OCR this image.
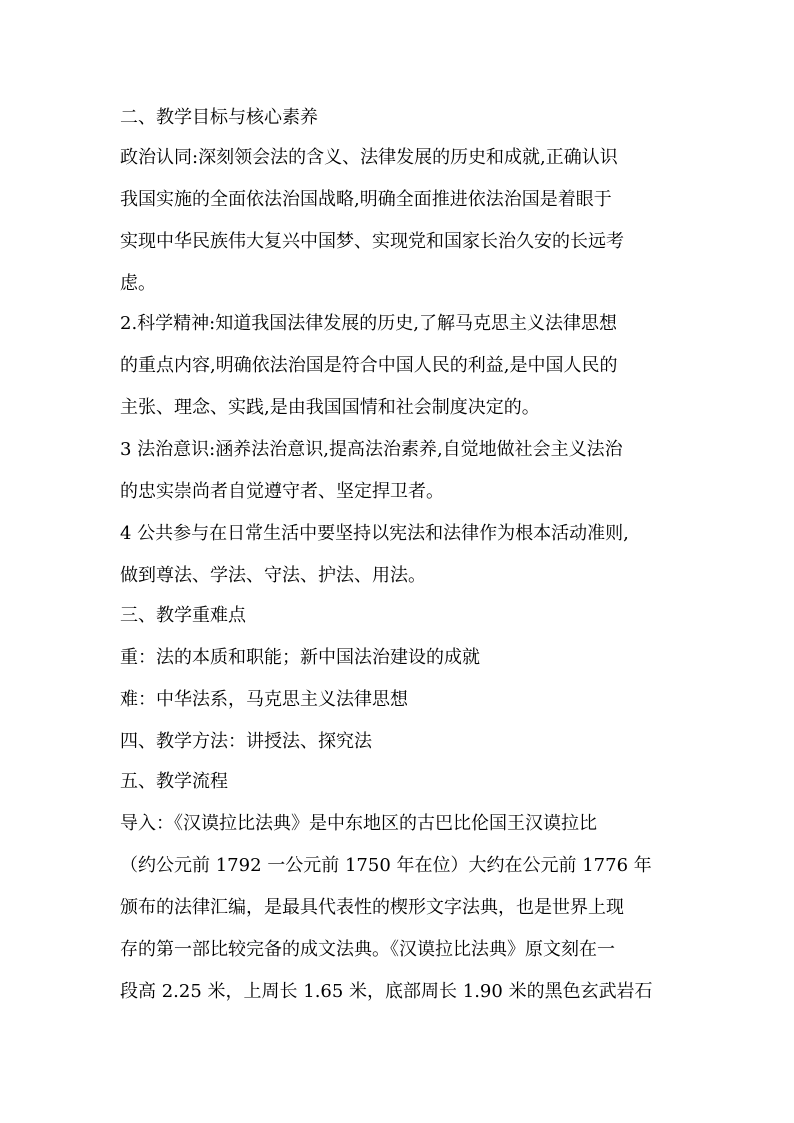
二、教学目标与核心素养
政治认同:深刻领会法的含义、法律发展的历史和成就,正确认识
我国实施的全面依法治国战略,明确全面推进依法治国是着眼于
实现中华民族伟大复兴中国梦、实现党和国家长治久安的长远考
虑。
2.科学精神:知道我国法律发展的历史,了解马克思主义法律思想
的重点内容,明确依法治国是符合中国人民的利益,是中国人民的
主张、理念、实践,是由我国国情和社会制度决定的。
3 法治意识:涵养法治意识,提高法治素养,自觉地做社会主义法治
的忠实崇尚者自觉遵守者、坚定捍卫者。
4 公共参与在日常生活中要坚持以宪法和法律作为根本活动准则,
做到尊法、学法、守法、护法、用法。
三、教学重难点
重：法的本质和职能；新中国法治建设的成就
难：中华法系，马克思主义法律思想
四、教学方法：讲授法、探究法
五、教学流程
导入：《汉谟拉比法典》是中东地区的古巴比伦国王汉谟拉比
（约公元前 1792 一公元前 1750 年在位）大约在公元前 1776 年
颁布的法律汇编，是最具代表性的楔形文字法典，也是世界上现
存的第一部比较完备的成文法典。《汉谟拉比法典》原文刻在一
段高 2.25 米，上周长 1.65 米，底部周长 1.90 米的黑色玄武岩石
